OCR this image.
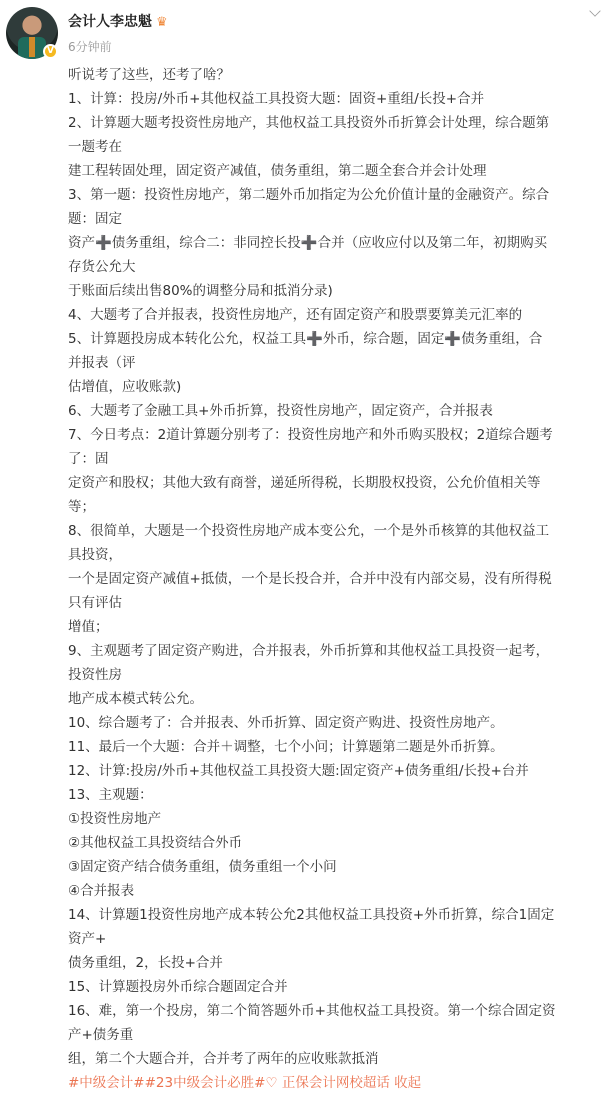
V
会计人李忠魁 ♛
6分钟前
听说考了这些，还考了啥？
1、计算：投房/外币+其他权益工具投资大题：固资+重组/长投+合并
2、计算题大题考投资性房地产，其他权益工具投资外币折算会计处理，综合题第
一题考在
建工程转固处理，固定资产减值，债务重组，第二题全套合并会计处理
3、第一题：投资性房地产，第二题外币加指定为公允价值计量的金融资产。综合
题：固定
资产➕债务重组，综合二：非同控长投➕合并（应收应付以及第二年，初期购买
存货公允大
于账面后续出售80%的调整分局和抵消分录)
4、大题考了合并报表，投资性房地产，还有固定资产和股票要算美元汇率的
5、计算题投房成本转化公允，权益工具➕外币，综合题，固定➕债务重组，合
并报表（评
估增值，应收账款)
6、大题考了金融工具+外币折算，投资性房地产，固定资产，合并报表
7、今日考点：2道计算题分别考了：投资性房地产和外币购买股权；2道综合题考
了：固
定资产和股权；其他大致有商誉，递延所得税，长期股权投资，公允价值相关等
等；
8、很简单，大题是一个投资性房地产成本变公允，一个是外币核算的其他权益工
具投资，
一个是固定资产减值+抵债，一个是长投合并，合并中没有内部交易，没有所得税
只有评估
增值；
9、主观题考了固定资产购进，合并报表，外币折算和其他权益工具投资一起考，
投资性房
地产成本模式转公允。
10、综合题考了：合并报表、外币折算、固定资产购进、投资性房地产。
11、最后一个大题：合并＋调整，七个小问；计算题第二题是外币折算。
12、计算:投房/外币+其他权益工具投资大题:固定资产+债务重组/长投+台并
13、主观题：
①投资性房地产
②其他权益工具投资结合外币
③固定资产结合债务重组，债务重组一个小问
④合并报表
14、计算题1投资性房地产成本转公允2其他权益工具投资+外币折算，综合1固定
资产+
债务重组，2，长投+合并
15、计算题投房外币综合题固定合并
16、难，第一个投房，第二个简答题外币+其他权益工具投资。第一个综合固定资
产+债务重
组，第二个大题合并，合并考了两年的应收账款抵消
#中级会计##23中级会计必胜#♡ 正保会计网校超话 收起
